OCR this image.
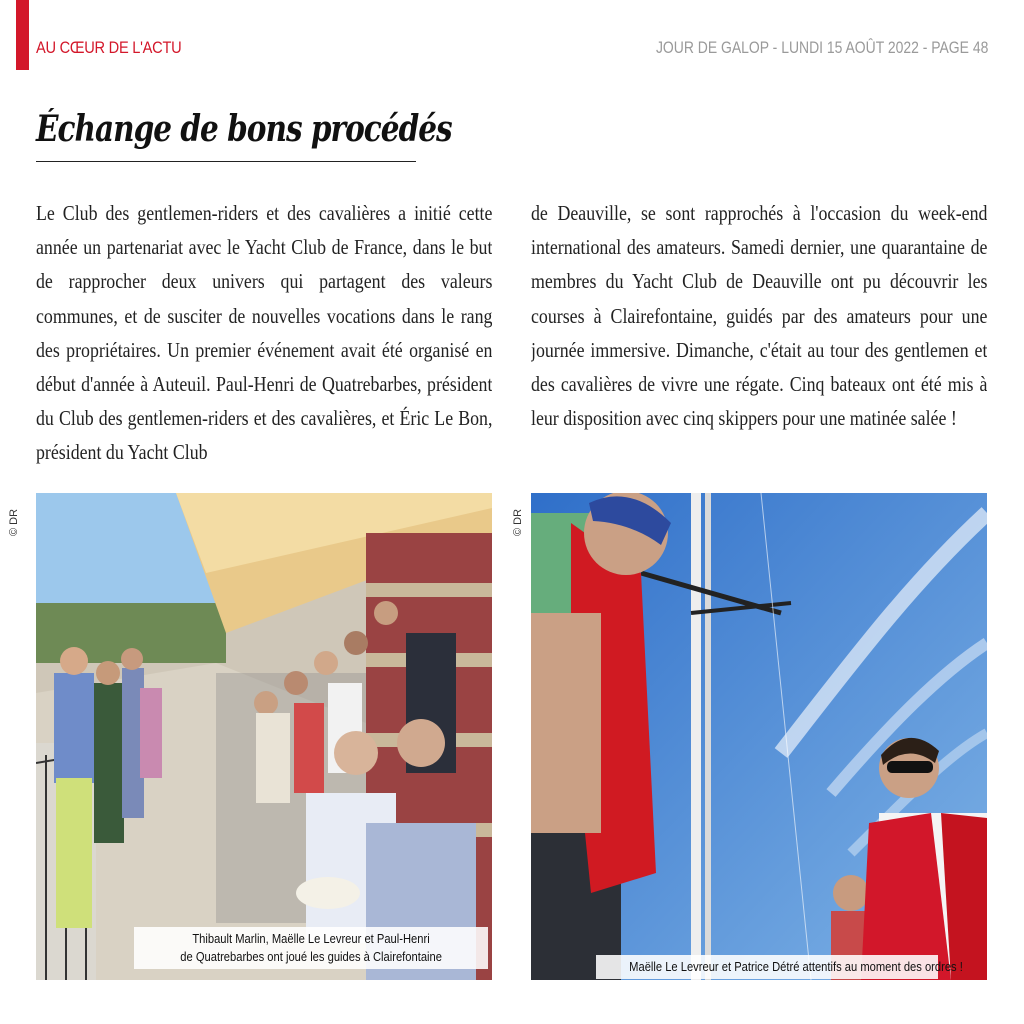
AU CŒUR DE L'ACTU	JOUR DE GALOP - LUNDI 15 AOÛT 2022 - PAGE 48
Échange de bons procédés

Le Club des gentlemen-riders et des cavalières a initié cette année un partenariat avec le Yacht Club de France, dans le but de rapprocher deux univers qui partagent des valeurs communes, et de susciter de nouvelles vocations dans le rang des propriétaires. Un premier événement avait été organisé en début d'année à Auteuil. Paul-Henri de Quatrebarbes, président du Club des gentlemen-riders et des cavalières, et Éric Le Bon, président du Yacht Club

de Deauville, se sont rapprochés à l'occasion du week-end international des amateurs. Samedi dernier, une quarantaine de membres du Yacht Club de Deauville ont pu découvrir les courses à Clairefontaine, guidés par des amateurs pour une journée immersive. Dimanche, c'était au tour des gentlemen et des cavalières de vivre une régate. Cinq bateaux ont été mis à leur disposition avec cinq skippers pour une matinée salée !

© DR	© DR
Thibault Marlin, Maëlle Le Levreur et Paul-Henri
de Quatrebarbes ont joué les guides à Clairefontaine
Maëlle Le Levreur et Patrice Détré attentifs au moment des ordres !
